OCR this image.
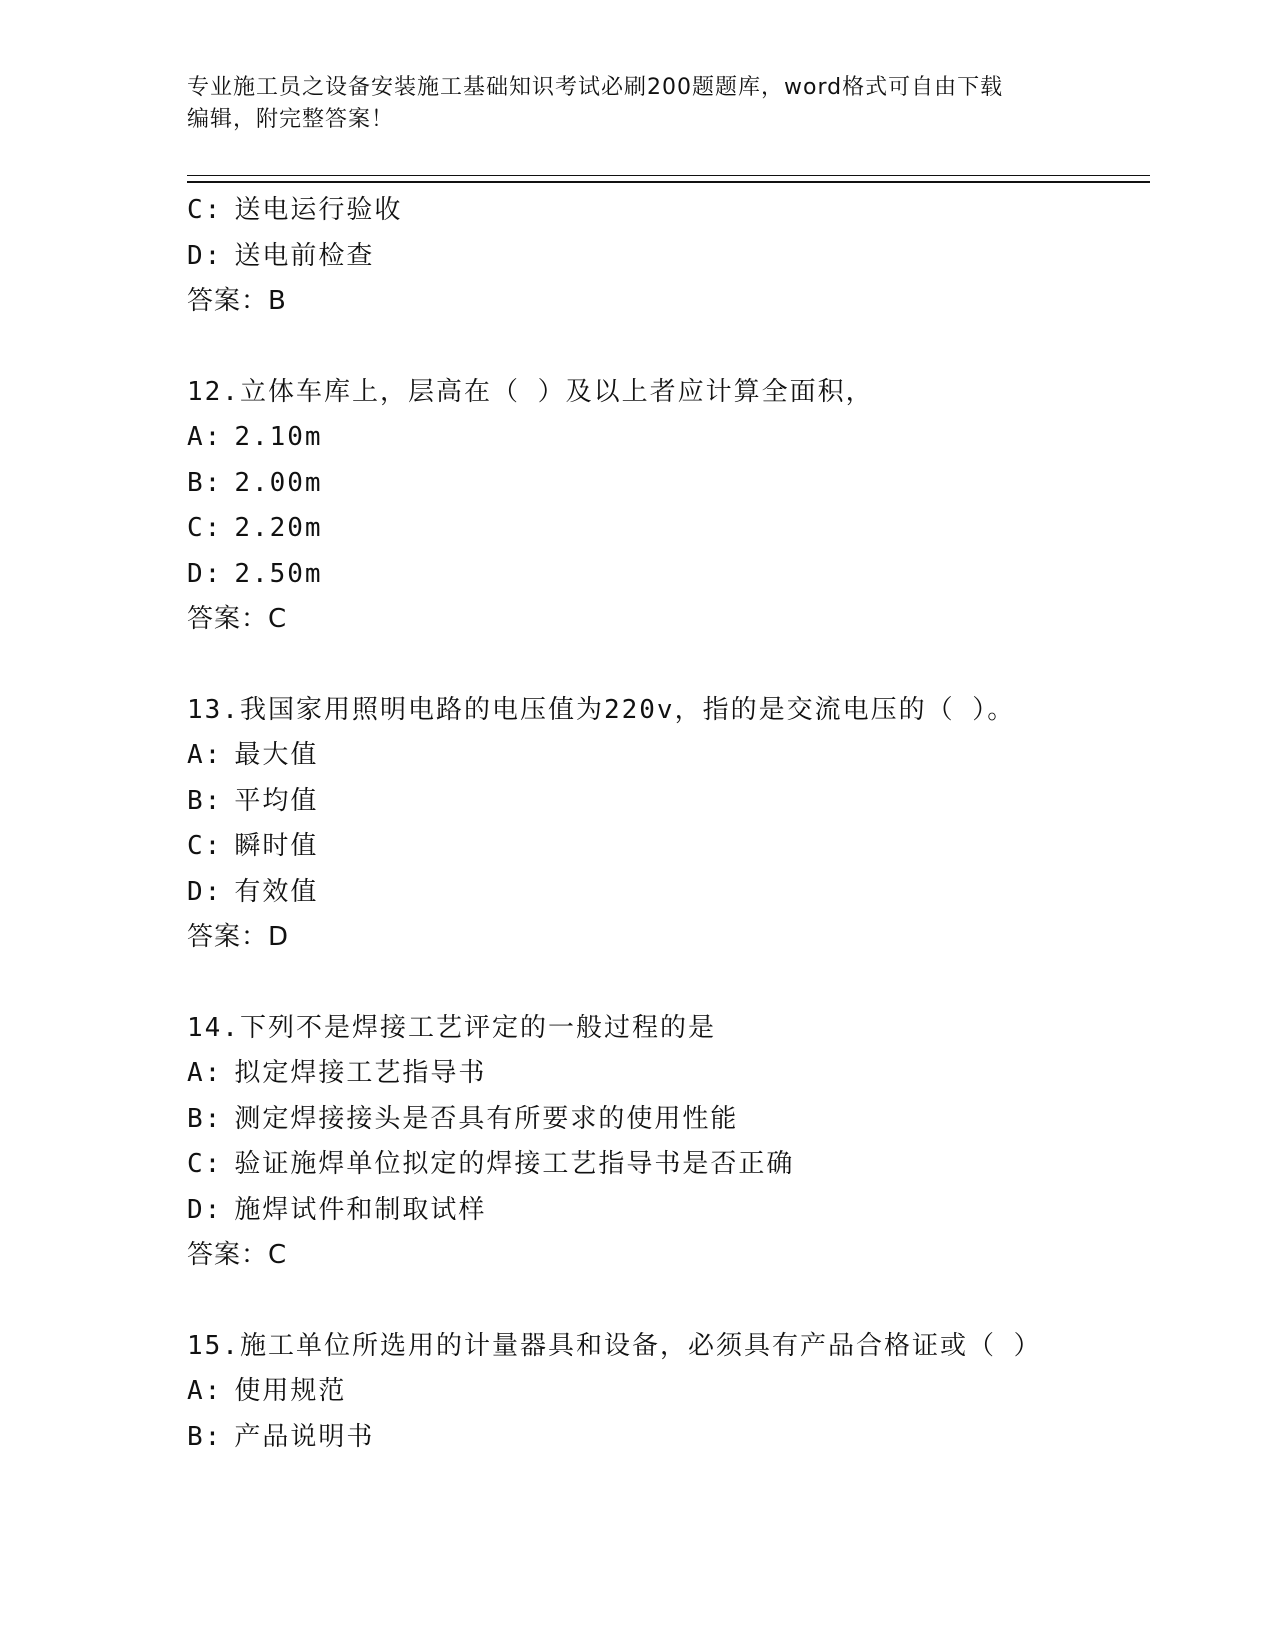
专业施工员之设备安装施工基础知识考试必刷200题题库，word格式可自由下载
编辑，附完整答案！
C: 送电运行验收
D: 送电前检查
答案：B
12.立体车库上，层高在（ ）及以上者应计算全面积，
A: 2.10m
B: 2.00m
C: 2.20m
D: 2.50m
答案：C
13.我国家用照明电路的电压值为220v，指的是交流电压的（ ）。
A: 最大值
B: 平均值
C: 瞬时值
D: 有效值
答案：D
14.下列不是焊接工艺评定的一般过程的是
A: 拟定焊接工艺指导书
B: 测定焊接接头是否具有所要求的使用性能
C: 验证施焊单位拟定的焊接工艺指导书是否正确
D: 施焊试件和制取试样
答案：C
15.施工单位所选用的计量器具和设备，必须具有产品合格证或（ ）
A: 使用规范
B: 产品说明书
